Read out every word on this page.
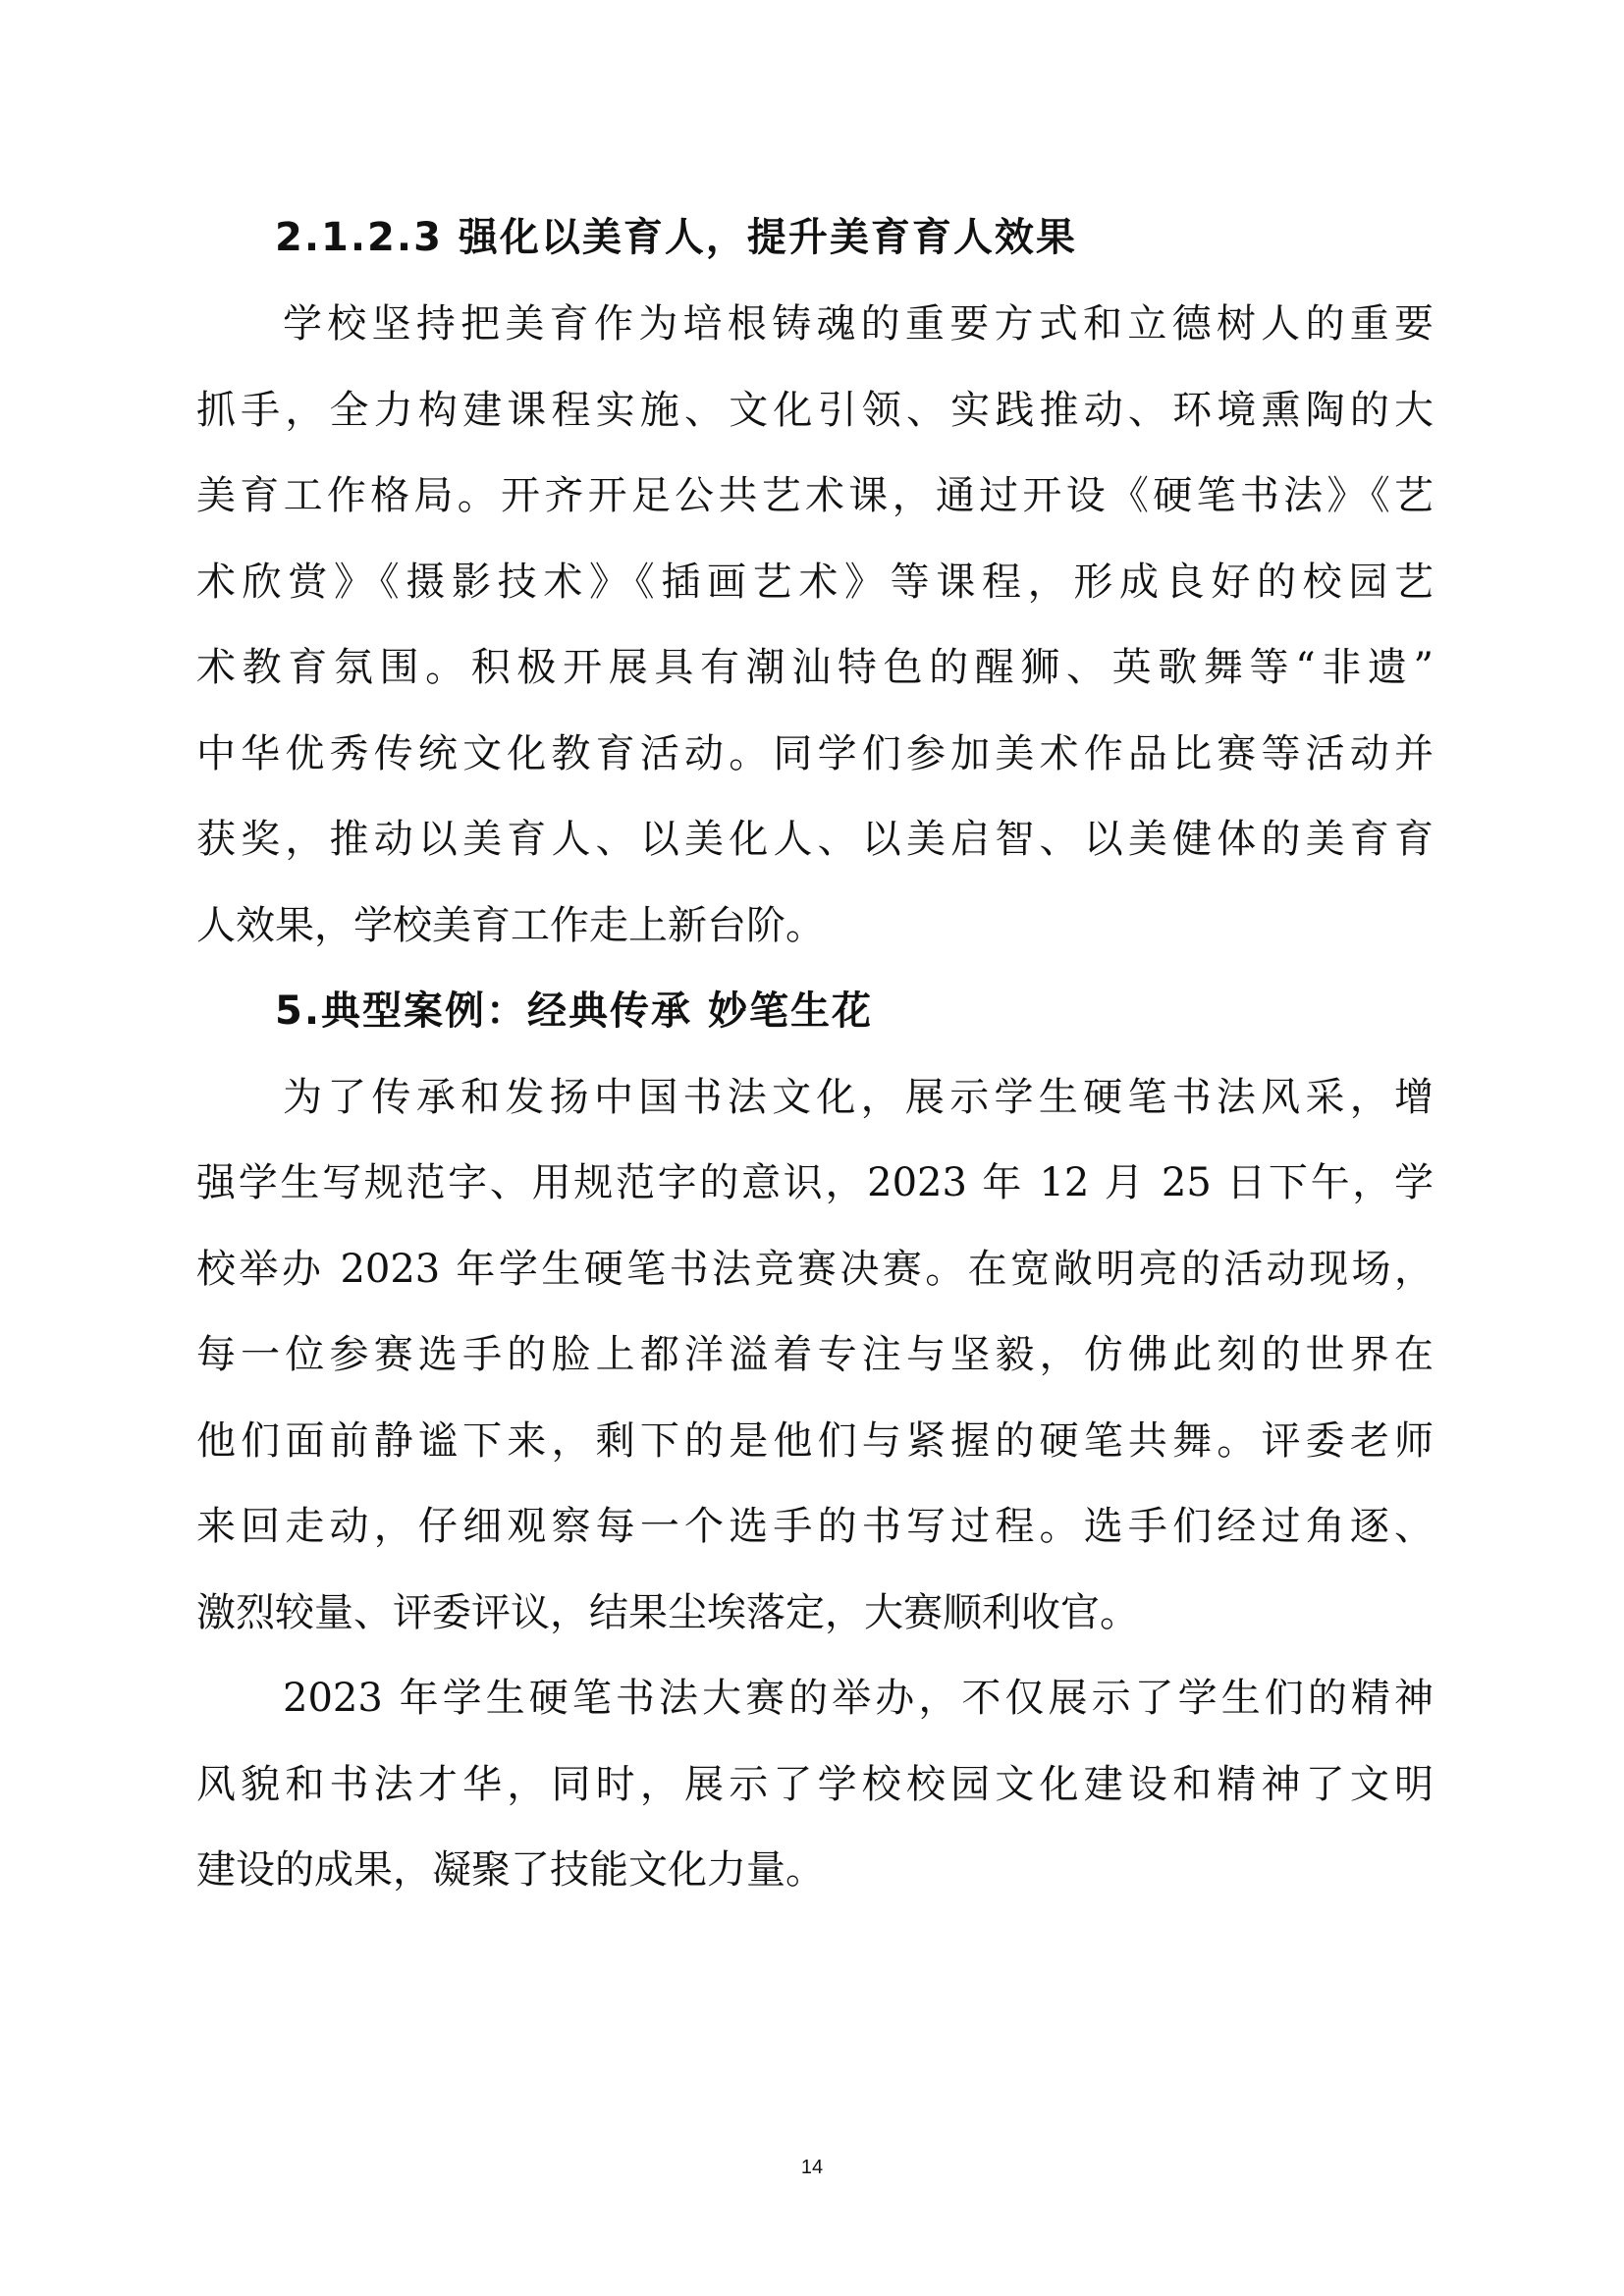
2.1.2.3 强化以美育人，提升美育育人效果
学校坚持把美育作为培根铸魂的重要方式和立德树人的重要
抓手，全力构建课程实施、文化引领、实践推动、环境熏陶的大
美育工作格局。开齐开足公共艺术课，通过开设《硬笔书法》《艺
术欣赏》《摄影技术》《插画艺术》等课程，形成良好的校园艺
术教育氛围。积极开展具有潮汕特色的醒狮、英歌舞等“非遗”
中华优秀传统文化教育活动。同学们参加美术作品比赛等活动并
获奖，推动以美育人、以美化人、以美启智、以美健体的美育育
人效果，学校美育工作走上新台阶。
5.典型案例：经典传承 妙笔生花
为了传承和发扬中国书法文化，展示学生硬笔书法风采，增
强学生写规范字、用规范字的意识，2023 年 12 月 25 日下午，学
校举办 2023 年学生硬笔书法竞赛决赛。在宽敞明亮的活动现场，
每一位参赛选手的脸上都洋溢着专注与坚毅，仿佛此刻的世界在
他们面前静谧下来，剩下的是他们与紧握的硬笔共舞。评委老师
来回走动，仔细观察每一个选手的书写过程。选手们经过角逐、
激烈较量、评委评议，结果尘埃落定，大赛顺利收官。
2023 年学生硬笔书法大赛的举办，不仅展示了学生们的精神
风貌和书法才华，同时，展示了学校校园文化建设和精神了文明
建设的成果，凝聚了技能文化力量。
14
